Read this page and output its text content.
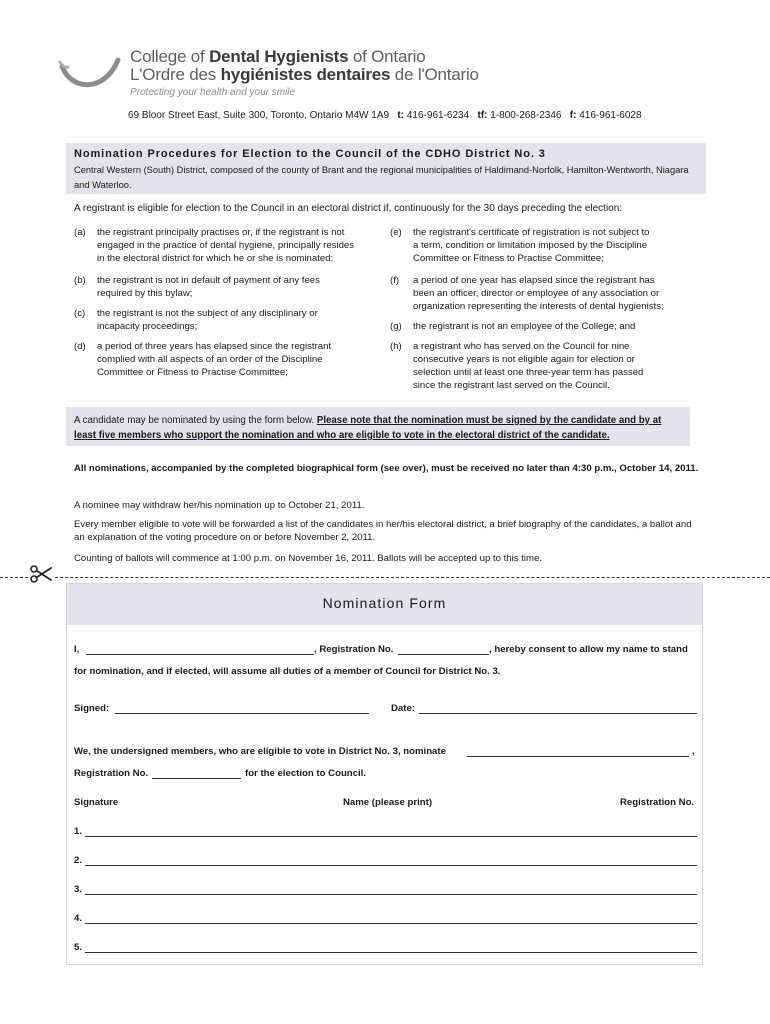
College of Dental Hygienists of Ontario
L'Ordre des hygiénistes dentaires de l'Ontario
Protecting your health and your smile
69 Bloor Street East, Suite 300, Toronto, Ontario M4W 1A9 t: 416-961-6234 tf: 1-800-268-2346 f: 416-961-6028
Nomination Procedures for Election to the Council of the CDHO District No. 3
Central Western (South) District, composed of the county of Brant and the regional municipalities of Haldimand-Norfolk, Hamilton-Wentworth, Niagara and Waterloo.
A registrant is eligible for election to the Council in an electoral district if, continuously for the 30 days preceding the election:
(a) the registrant principally practises or, if the registrant is not
engaged in the practice of dental hygiene, principally resides
in the electoral district for which he or she is nominated;
(b) the registrant is not in default of payment of any fees
required by this bylaw;
(c) the registrant is not the subject of any disciplinary or
incapacity proceedings;
(d) a period of three years has elapsed since the registrant
complied with all aspects of an order of the Discipline
Committee or Fitness to Practise Committee;
(e) the registrant's certificate of registration is not subject to
a term, condition or limitation imposed by the Discipline
Committee or Fitness to Practise Committee;
(f) a period of one year has elapsed since the registrant has
been an officer, director or employee of any association or
organization representing the interests of dental hygienists;
(g) the registrant is not an employee of the College; and
(h) a registrant who has served on the Council for nine
consecutive years is not eligible again for election or
selection until at least one three-year term has passed
since the registrant last served on the Council.
A candidate may be nominated by using the form below. Please note that the nomination must be signed by the candidate and by at
least five members who support the nomination and who are eligible to vote in the electoral district of the candidate.
All nominations, accompanied by the completed biographical form (see over), must be received no later than 4:30 p.m., October 14, 2011.
A nominee may withdraw her/his nomination up to October 21, 2011.
Every member eligible to vote will be forwarded a list of the candidates in her/his electoral district, a brief biography of the candidates, a ballot and an explanation of the voting procedure on or before November 2, 2011.
Counting of ballots will commence at 1:00 p.m. on November 16, 2011. Ballots will be accepted up to this time.
Nomination Form
I,	, Registration No.	, hereby consent to allow my name to stand
for nomination, and if elected, will assume all duties of a member of Council for District No. 3.
Signed:	Date:
We, the undersigned members, who are eligible to vote in District No. 3, nominate	,
Registration No.	for the election to Council.
Signature	Name (please print)	Registration No.
1.
2.
3.
4.
5.
